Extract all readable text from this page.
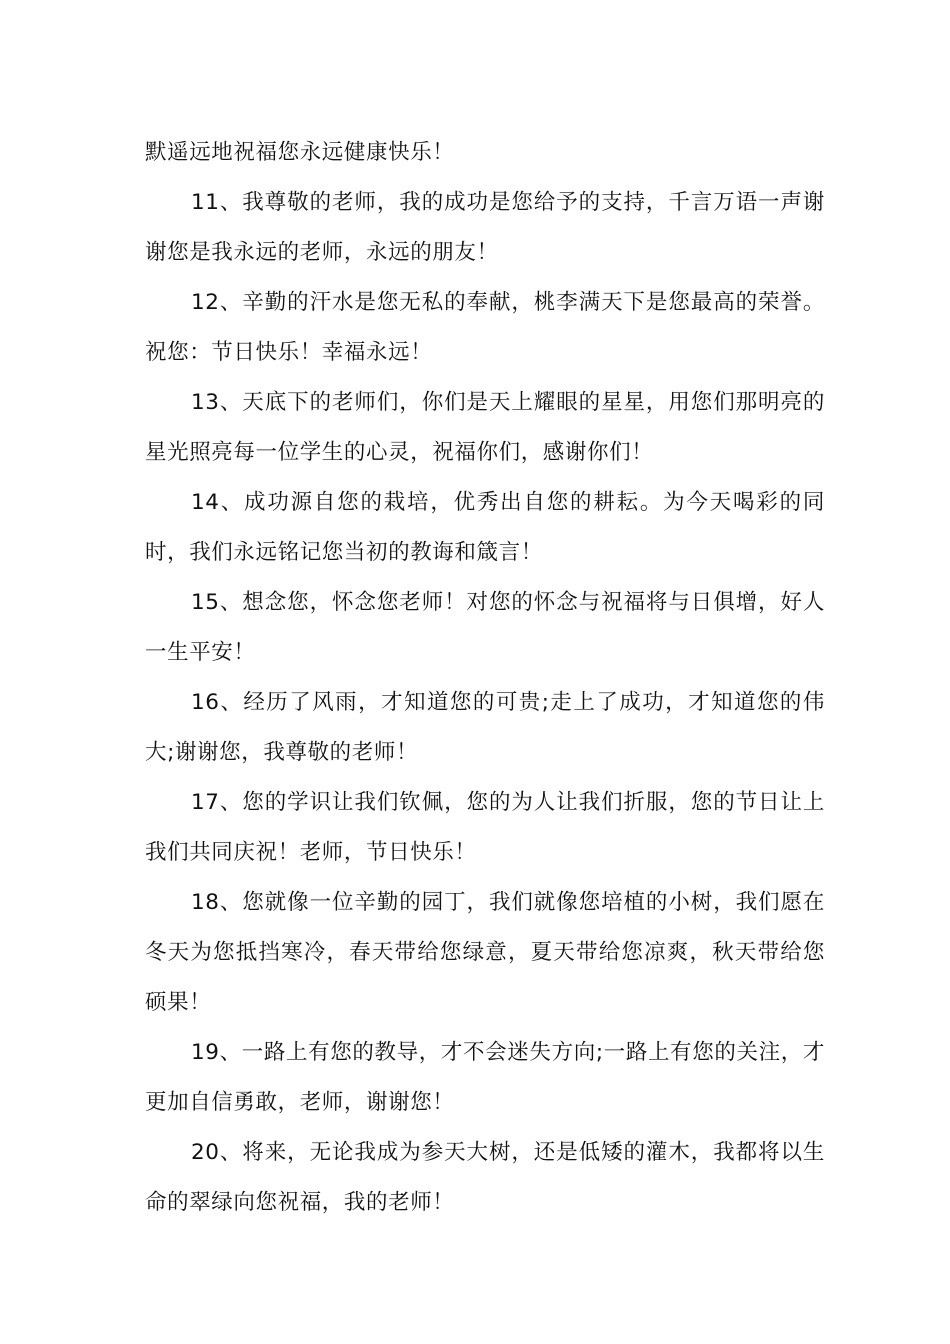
默遥远地祝福您永远健康快乐！

11、我尊敬的老师，我的成功是您给予的支持，千言万语一声谢谢您是我永远的老师，永远的朋友！

12、辛勤的汗水是您无私的奉献，桃李满天下是您最高的荣誉。祝您：节日快乐！幸福永远！

13、天底下的老师们，你们是天上耀眼的星星，用您们那明亮的星光照亮每一位学生的心灵，祝福你们，感谢你们！

14、成功源自您的栽培，优秀出自您的耕耘。为今天喝彩的同时，我们永远铭记您当初的教诲和箴言！

15、想念您，怀念您老师！对您的怀念与祝福将与日俱增，好人一生平安！

16、经历了风雨，才知道您的可贵;走上了成功，才知道您的伟大;谢谢您，我尊敬的老师！

17、您的学识让我们钦佩，您的为人让我们折服，您的节日让上我们共同庆祝！老师，节日快乐！

18、您就像一位辛勤的园丁，我们就像您培植的小树，我们愿在冬天为您抵挡寒冷，春天带给您绿意，夏天带给您凉爽，秋天带给您硕果！

19、一路上有您的教导，才不会迷失方向;一路上有您的关注，才更加自信勇敢，老师，谢谢您！

20、将来，无论我成为参天大树，还是低矮的灌木，我都将以生命的翠绿向您祝福，我的老师！
